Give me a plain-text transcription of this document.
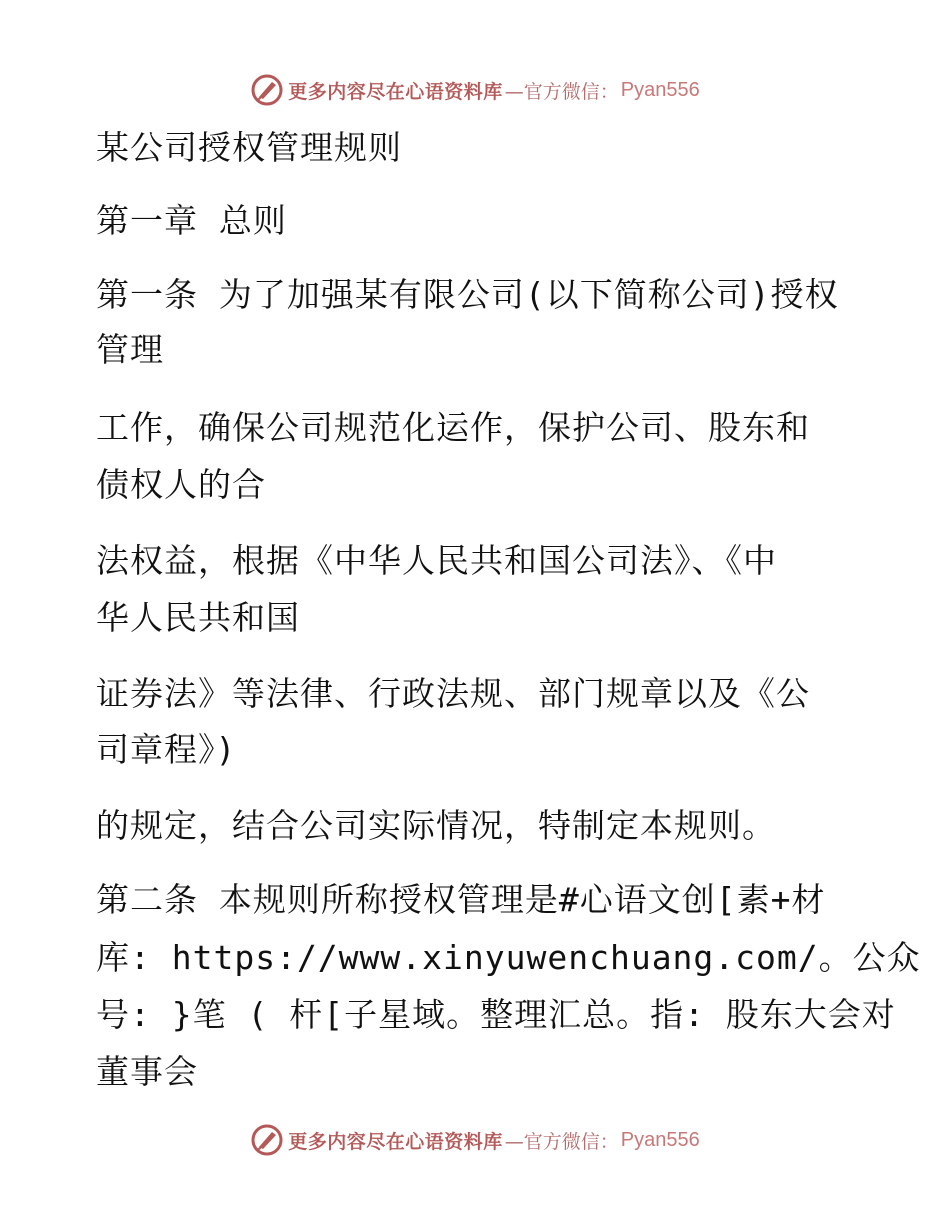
更多内容尽在心语资料库 —官方微信： Pyan556
某公司授权管理规则
第一章 总则
第一条 为了加强某有限公司(以下简称公司)授权
管理
工作，确保公司规范化运作，保护公司、股东和
债权人的合
法权益，根据《中华人民共和国公司法》、《中
华人民共和国
证券法》等法律、行政法规、部门规章以及《公
司章程》)
的规定，结合公司实际情况，特制定本规则。
第二条 本规则所称授权管理是#心语文创[素+材
库: https://www.xinyuwenchuang.com/。公众
号: }笔 ( 杆[子星域。整理汇总。指: 股东大会对
董事会
更多内容尽在心语资料库 —官方微信： Pyan556
